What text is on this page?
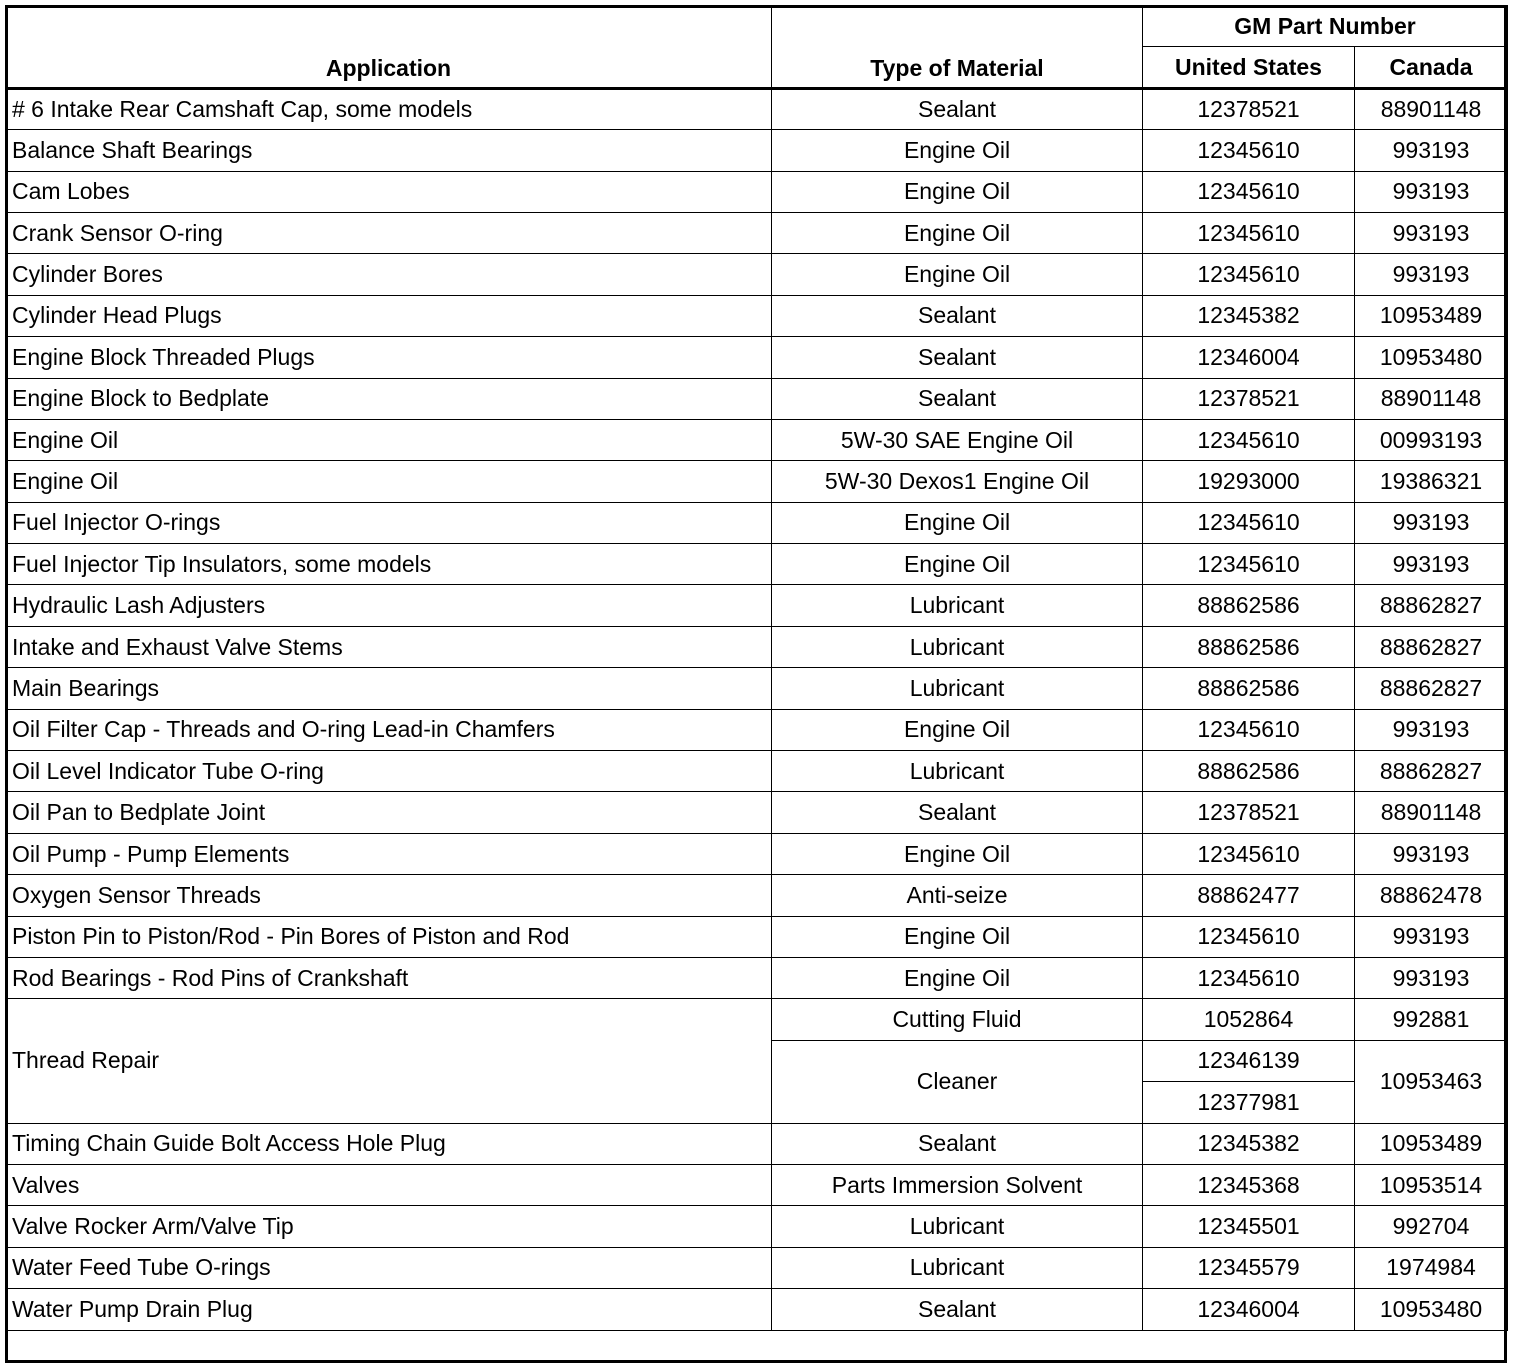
Application	Type of Material	GM Part Number	
		United States	Canada
# 6 Intake Rear Camshaft Cap, some models	Sealant	12378521	88901148
Balance Shaft Bearings	Engine Oil	12345610	993193
Cam Lobes	Engine Oil	12345610	993193
Crank Sensor O-ring	Engine Oil	12345610	993193
Cylinder Bores	Engine Oil	12345610	993193
Cylinder Head Plugs	Sealant	12345382	10953489
Engine Block Threaded Plugs	Sealant	12346004	10953480
Engine Block to Bedplate	Sealant	12378521	88901148
Engine Oil	5W-30 SAE Engine Oil	12345610	00993193
Engine Oil	5W-30 Dexos1 Engine Oil	19293000	19386321
Fuel Injector O-rings	Engine Oil	12345610	993193
Fuel Injector Tip Insulators, some models	Engine Oil	12345610	993193
Hydraulic Lash Adjusters	Lubricant	88862586	88862827
Intake and Exhaust Valve Stems	Lubricant	88862586	88862827
Main Bearings	Lubricant	88862586	88862827
Oil Filter Cap - Threads and O-ring Lead-in Chamfers	Engine Oil	12345610	993193
Oil Level Indicator Tube O-ring	Lubricant	88862586	88862827
Oil Pan to Bedplate Joint	Sealant	12378521	88901148
Oil Pump - Pump Elements	Engine Oil	12345610	993193
Oxygen Sensor Threads	Anti-seize	88862477	88862478
Piston Pin to Piston/Rod - Pin Bores of Piston and Rod	Engine Oil	12345610	993193
Rod Bearings - Rod Pins of Crankshaft	Engine Oil	12345610	993193
Thread Repair	Cutting Fluid	1052864	992881
	Cleaner	12346139	10953463
		12377981	
Timing Chain Guide Bolt Access Hole Plug	Sealant	12345382	10953489
Valves	Parts Immersion Solvent	12345368	10953514
Valve Rocker Arm/Valve Tip	Lubricant	12345501	992704
Water Feed Tube O-rings	Lubricant	12345579	1974984
Water Pump Drain Plug	Sealant	12346004	10953480
